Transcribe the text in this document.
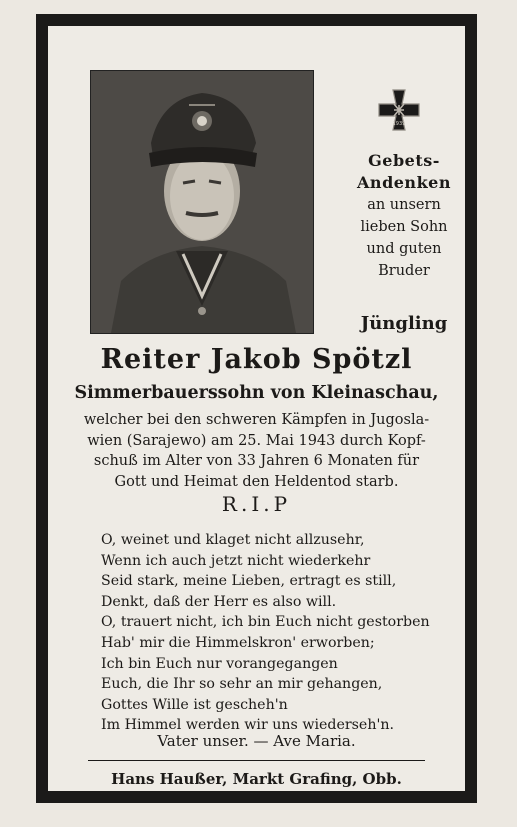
1939
Gebets-
Andenken
an unsern
lieben Sohn
und guten
Bruder
Jüngling
Reiter Jakob Spötzl
Simmerbauerssohn von Kleinaschau,
welcher bei den schweren Kämpfen in Jugosla-
wien (Sarajewo) am 25. Mai 1943 durch Kopf-
schuß im Alter von 33 Jahren 6 Monaten für
Gott und Heimat den Heldentod starb.
R.I.P
O, weinet und klaget nicht allzusehr,
Wenn ich auch jetzt nicht wiederkehr
Seid stark, meine Lieben, ertragt es still,
Denkt, daß der Herr es also will.
O, trauert nicht, ich bin Euch nicht gestorben
Hab' mir die Himmelskron' erworben;
Ich bin Euch nur vorangegangen
Euch, die Ihr so sehr an mir gehangen,
Gottes Wille ist gescheh'n
Im Himmel werden wir uns wiederseh'n.
Vater unser. — Ave Maria.
Hans Haußer, Markt Grafing, Obb.
